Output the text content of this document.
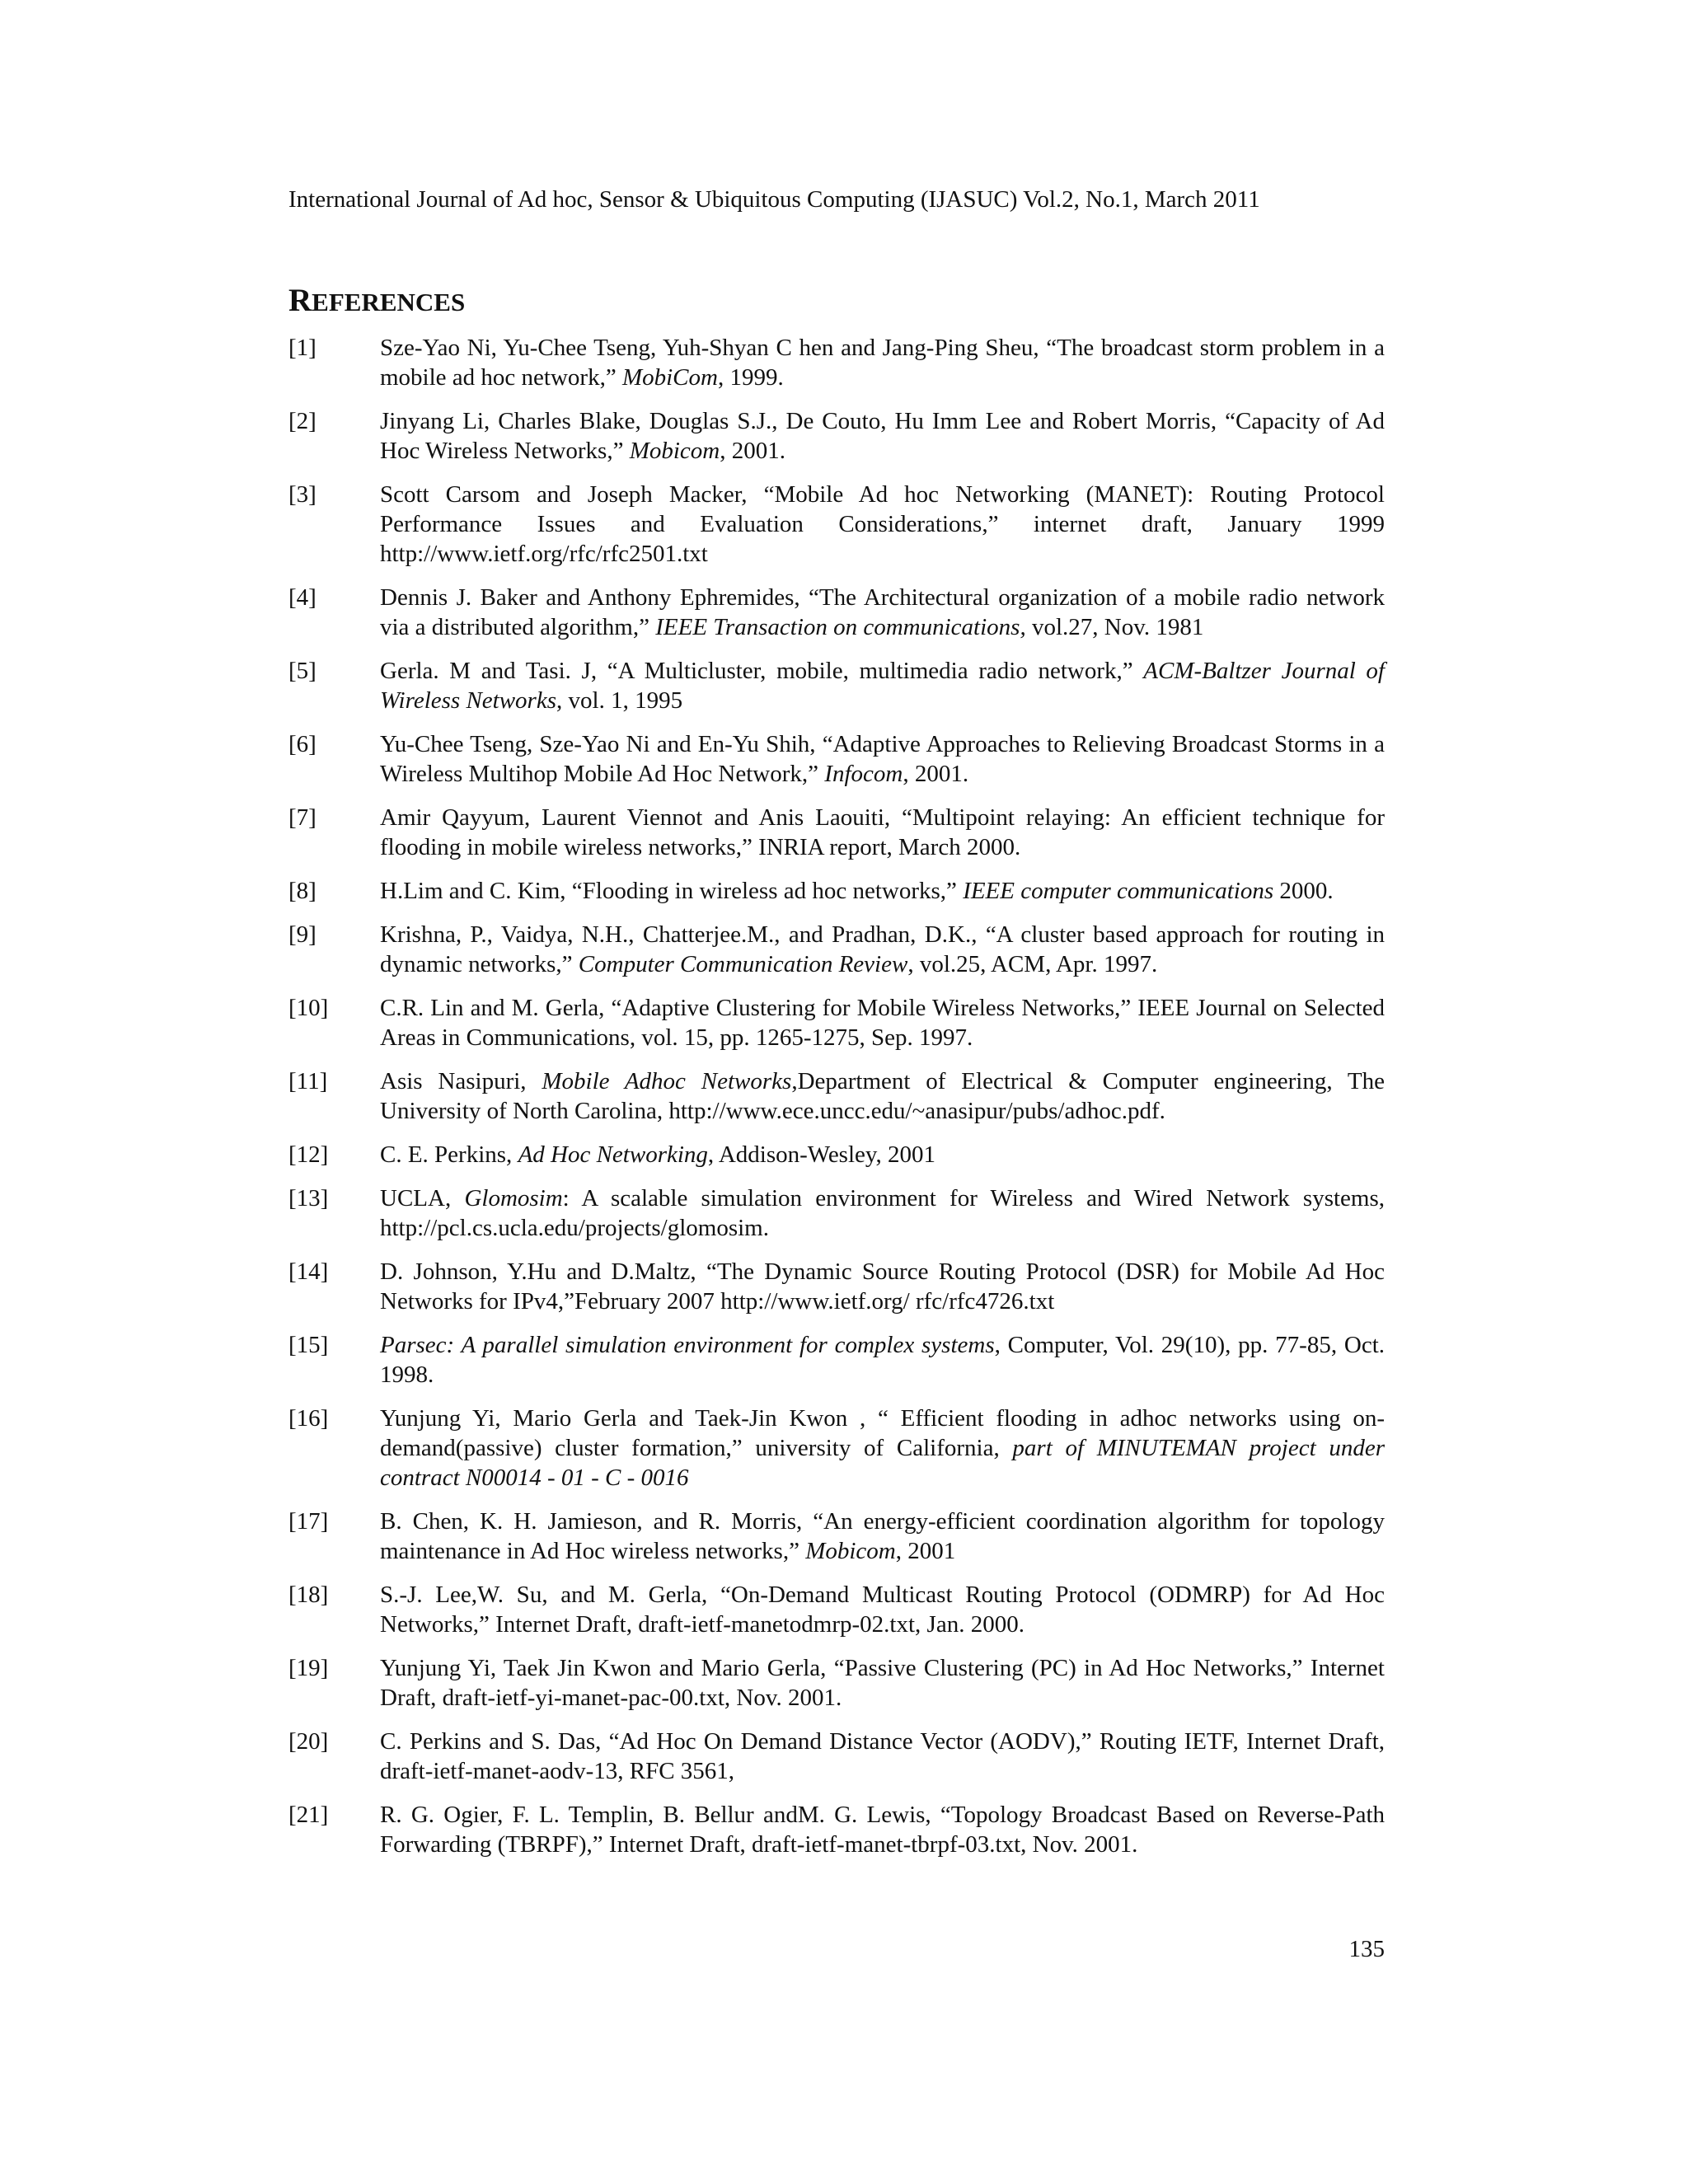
International Journal of Ad hoc, Sensor & Ubiquitous Computing (IJASUC) Vol.2, No.1, March 2011
REFERENCES
[1]	Sze-Yao Ni, Yu-Chee Tseng, Yuh-Shyan C hen and Jang-Ping Sheu, “The broadcast storm problem in a mobile ad hoc network,” MobiCom, 1999.
[2]	Jinyang Li, Charles Blake, Douglas S.J., De Couto, Hu Imm Lee and Robert Morris, “Capacity of Ad Hoc Wireless Networks,” Mobicom, 2001.
[3]	Scott Carsom and Joseph Macker, “Mobile Ad hoc Networking (MANET): Routing Protocol Performance Issues and Evaluation Considerations,” internet draft, January 1999 http://www.ietf.org/rfc/rfc2501.txt
[4]	Dennis J. Baker and Anthony Ephremides, “The Architectural organization of a mobile radio network via a distributed algorithm,” IEEE Transaction on communications, vol.27, Nov. 1981
[5]	Gerla. M and Tasi. J, “A Multicluster, mobile, multimedia radio network,” ACM-Baltzer Journal of Wireless Networks, vol. 1, 1995
[6]	Yu-Chee Tseng, Sze-Yao Ni and En-Yu Shih, “Adaptive Approaches to Relieving Broadcast Storms in a Wireless Multihop Mobile Ad Hoc Network,” Infocom, 2001.
[7]	Amir Qayyum, Laurent Viennot and Anis Laouiti, “Multipoint relaying: An efficient technique for flooding in mobile wireless networks,” INRIA report, March 2000.
[8]	H.Lim and C. Kim, “Flooding in wireless ad hoc networks,” IEEE computer communications 2000.
[9]	Krishna, P., Vaidya, N.H., Chatterjee.M., and Pradhan, D.K., “A cluster based approach for routing in dynamic networks,” Computer Communication Review, vol.25, ACM, Apr. 1997.
[10]	C.R. Lin and M. Gerla, “Adaptive Clustering for Mobile Wireless Networks,” IEEE Journal on Selected Areas in Communications, vol. 15, pp. 1265-1275, Sep. 1997.
[11]	Asis Nasipuri, Mobile Adhoc Networks,Department of Electrical & Computer engineering, The University of North Carolina, http://www.ece.uncc.edu/~anasipur/pubs/adhoc.pdf.
[12]	C. E. Perkins, Ad Hoc Networking, Addison-Wesley, 2001
[13]	UCLA, Glomosim: A scalable simulation environment for Wireless and Wired Network systems, http://pcl.cs.ucla.edu/projects/glomosim.
[14]	D. Johnson, Y.Hu and D.Maltz, “The Dynamic Source Routing Protocol (DSR) for Mobile Ad Hoc Networks for IPv4,”February 2007 http://www.ietf.org/ rfc/rfc4726.txt
[15]	Parsec: A parallel simulation environment for complex systems, Computer, Vol. 29(10), pp. 77-85, Oct. 1998.
[16]	Yunjung Yi, Mario Gerla and Taek-Jin Kwon , “ Efficient flooding in adhoc networks using on-demand(passive) cluster formation,” university of California, part of MINUTEMAN project under contract N00014 - 01 - C - 0016
[17]	B. Chen, K. H. Jamieson, and R. Morris, “An energy-efficient coordination algorithm for topology maintenance in Ad Hoc wireless networks,” Mobicom, 2001
[18]	S.-J. Lee,W. Su, and M. Gerla, “On-Demand Multicast Routing Protocol (ODMRP) for Ad Hoc Networks,” Internet Draft, draft-ietf-manetodmrp-02.txt, Jan. 2000.
[19]	Yunjung Yi, Taek Jin Kwon and Mario Gerla, “Passive Clustering (PC) in Ad Hoc Networks,” Internet Draft, draft-ietf-yi-manet-pac-00.txt, Nov. 2001.
[20]	C. Perkins and S. Das, “Ad Hoc On Demand Distance Vector (AODV),” Routing IETF, Internet Draft, draft-ietf-manet-aodv-13, RFC 3561,
[21]	R. G. Ogier, F. L. Templin, B. Bellur andM. G. Lewis, “Topology Broadcast Based on Reverse-Path Forwarding (TBRPF),” Internet Draft, draft-ietf-manet-tbrpf-03.txt, Nov. 2001.
135
